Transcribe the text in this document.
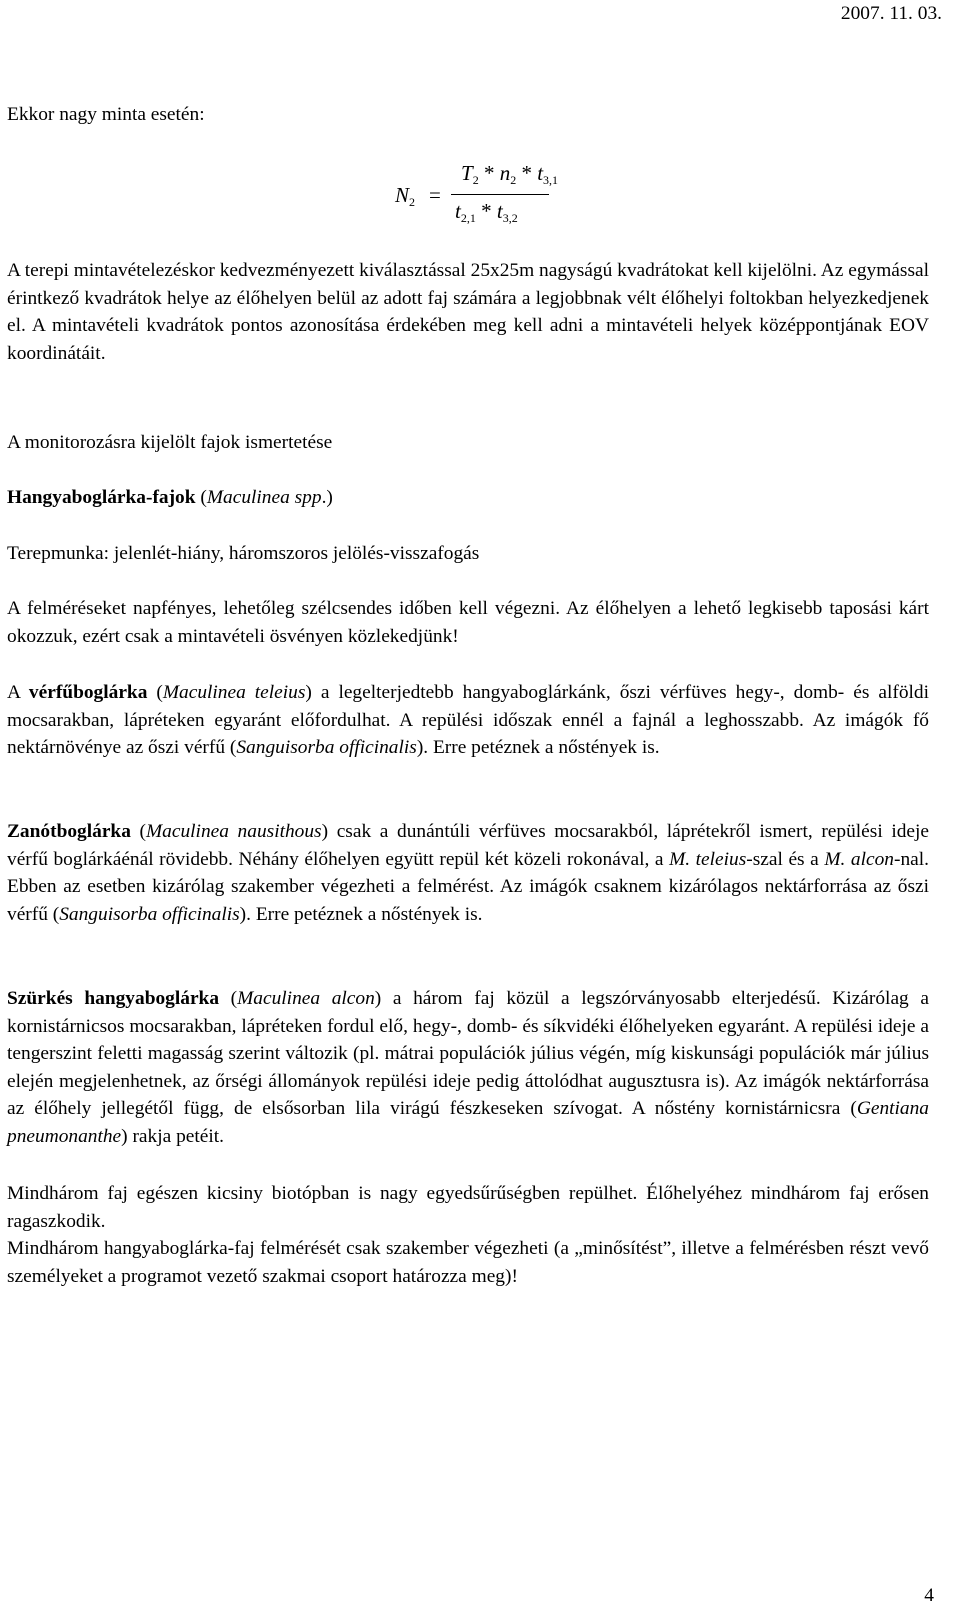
2007. 11. 03.
Ekkor nagy minta esetén:
$N_2$ =
$T_2 * n_2 * t_{3,1}$
$t_{2,1} * t_{3,2}$

A terepi mintavételezéskor kedvezményezett kiválasztással 25x25m nagyságú kvadrátokat kell kijelölni. Az egymással érintkező kvadrátok helye az élőhelyen belül az adott faj számára a legjobbnak vélt élőhelyi foltokban helyezkedjenek el. A mintavételi kvadrátok pontos azonosítása érdekében meg kell adni a mintavételi helyek középpontjának EOV koordinátáit.

A monitorozásra kijelölt fajok ismertetése
Hangyaboglárka-fajok (Maculinea spp.)
Terepmunka: jelenlét-hiány, háromszoros jelölés-visszafogás

A felméréseket napfényes, lehetőleg szélcsendes időben kell végezni. Az élőhelyen a lehető legkisebb taposási kárt okozzuk, ezért csak a mintavételi ösvényen közlekedjünk!

A vérfűboglárka (Maculinea teleius) a legelterjedtebb hangyaboglárkánk, őszi vérfüves hegy-, domb- és alföldi mocsarakban, lápréteken egyaránt előfordulhat. A repülési időszak ennél a fajnál a leghosszabb. Az imágók fő nektárnövénye az őszi vérfű (Sanguisorba officinalis). Erre petéznek a nőstények is.

Zanótboglárka (Maculinea nausithous) csak a dunántúli vérfüves mocsarakból, láprétekről ismert, repülési ideje vérfű boglárkáénál rövidebb. Néhány élőhelyen együtt repül két közeli rokonával, a M. teleius-szal és a M. alcon-nal. Ebben az esetben kizárólag szakember végezheti a felmérést. Az imágók csaknem kizárólagos nektárforrása az őszi vérfű (Sanguisorba officinalis). Erre petéznek a nőstények is.

Szürkés hangyaboglárka (Maculinea alcon) a három faj közül a legszórványosabb elterjedésű. Kizárólag a kornistárnicsos mocsarakban, lápréteken fordul elő, hegy-, domb- és síkvidéki élőhelyeken egyaránt. A repülési ideje a tengerszint feletti magasság szerint változik (pl. mátrai populációk július végén, míg kiskunsági populációk már július elején megjelenhetnek, az őrségi állományok repülési ideje pedig áttolódhat augusztusra is). Az imágók nektárforrása az élőhely jellegétől függ, de elsősorban lila virágú fészkeseken szívogat. A nőstény kornistárnicsra (Gentiana pneumonanthe) rakja petéit.

Mindhárom faj egészen kicsiny biotópban is nagy egyedsűrűségben repülhet. Élőhelyéhez mindhárom faj erősen ragaszkodik.

Mindhárom hangyaboglárka-faj felmérését csak szakember végezheti (a „minősítést”, illetve a felmérésben részt vevő személyeket a programot vezető szakmai csoport határozza meg)!

4
